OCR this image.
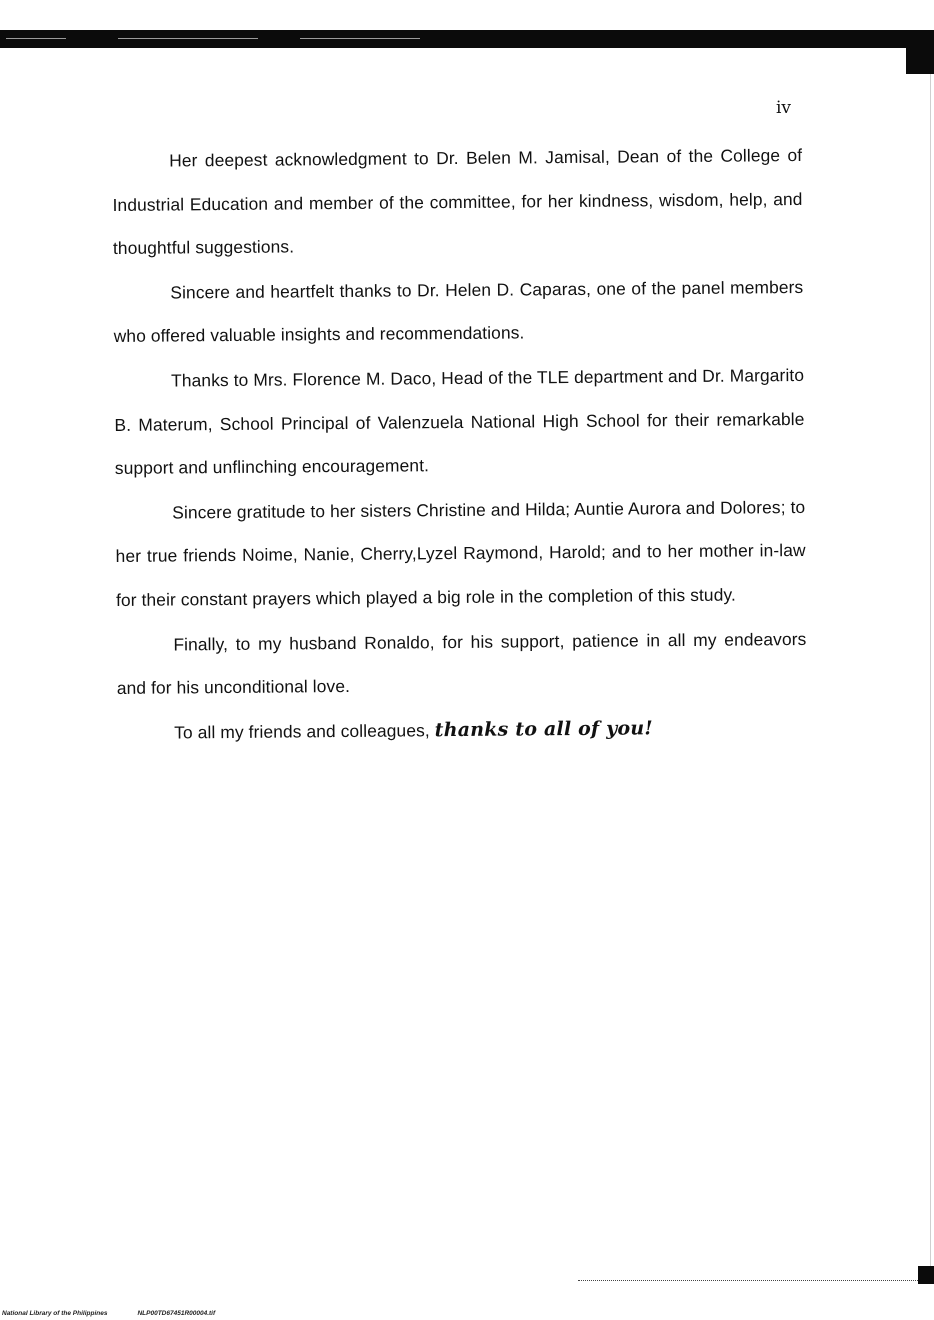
iv

Her deepest acknowledgment to Dr. Belen M. Jamisal, Dean of the College of Industrial Education and member of the committee, for her kindness, wisdom, help, and thoughtful suggestions.

Sincere and heartfelt thanks to Dr. Helen D. Caparas, one of the panel members who offered valuable insights and recommendations.

Thanks to Mrs. Florence M. Daco, Head of the TLE department and Dr. Margarito B. Materum, School Principal of Valenzuela National High School for their remarkable support and unflinching encouragement.

Sincere gratitude to her sisters Christine and Hilda; Auntie Aurora and Dolores; to her true friends Noime, Nanie, Cherry,Lyzel Raymond, Harold; and to her mother in-law for their constant prayers which played a big role in the completion of this study.

Finally, to my husband Ronaldo, for his support, patience in all my endeavors and for his unconditional love.

To all my friends and colleagues, thanks to all of you!

National Library of the Philippines	NLP00TD67451R00004.tif
